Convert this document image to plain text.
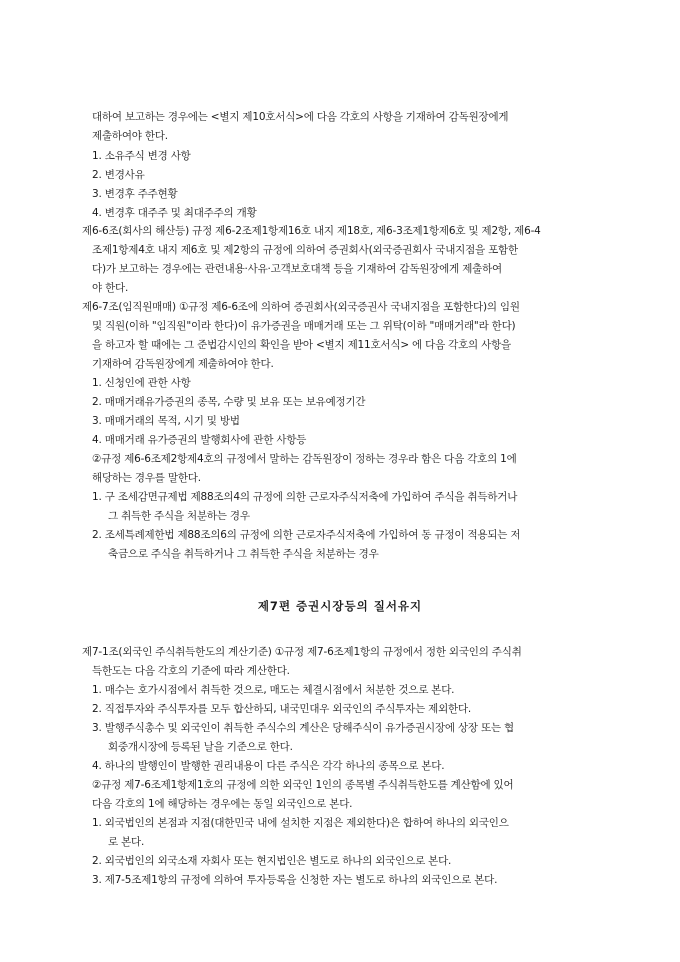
대하여 보고하는 경우에는 <별지 제10호서식>에 다음 각호의 사항을 기재하여 감독원장에게
제출하여야 한다.
1. 소유주식 변경 사항
2. 변경사유
3. 변경후 주주현황
4. 변경후 대주주 및 최대주주의 개황
제6-6조(회사의 해산등) 규정 제6-2조제1항제16호 내지 제18호, 제6-3조제1항제6호 및 제2항, 제6-4
조제1항제4호 내지 제6호 및 제2항의 규정에 의하여 증권회사(외국증권회사 국내지점을 포함한
다)가 보고하는 경우에는 관련내용·사유·고객보호대책 등을 기재하여 감독원장에게 제출하여
야 한다.
제6-7조(임직원매매) ①규정 제6-6조에 의하여 증권회사(외국증권사 국내지점을 포함한다)의 임원
및 직원(이하 "임직원"이라 한다)이 유가증권을 매매거래 또는 그 위탁(이하 "매매거래"라 한다)
을 하고자 할 때에는 그 준법감시인의 확인을 받아 <별지 제11호서식> 에 다음 각호의 사항을
기재하여 감독원장에게 제출하여야 한다.
1. 신청인에 관한 사항
2. 매매거래유가증권의 종목, 수량 및 보유 또는 보유예정기간
3. 매매거래의 목적, 시기 및 방법
4. 매매거래 유가증권의 발행회사에 관한 사항등
②규정 제6-6조제2항제4호의 규정에서 말하는 감독원장이 정하는 경우라 함은 다음 각호의 1에
해당하는 경우를 말한다.
1. 구 조세감면규제법 제88조의4의 규정에 의한 근로자주식저축에 가입하여 주식을 취득하거나
그 취득한 주식을 처분하는 경우
2. 조세특례제한법 제88조의6의 규정에 의한 근로자주식저축에 가입하여 동 규정이 적용되는 저
축금으로 주식을 취득하거나 그 취득한 주식을 처분하는 경우
제7편 증권시장등의 질서유지
제7-1조(외국인 주식취득한도의 계산기준) ①규정 제7-6조제1항의 규정에서 정한 외국인의 주식취
득한도는 다음 각호의 기준에 따라 계산한다.
1. 매수는 호가시점에서 취득한 것으로, 매도는 체결시점에서 처분한 것으로 본다.
2. 직접투자와 주식투자를 모두 합산하되, 내국민대우 외국인의 주식투자는 제외한다.
3. 발행주식총수 및 외국인이 취득한 주식수의 계산은 당해주식이 유가증권시장에 상장 또는 협
회중개시장에 등록된 날을 기준으로 한다.
4. 하나의 발행인이 발행한 권리내용이 다른 주식은 각각 하나의 종목으로 본다.
②규정 제7-6조제1항제1호의 규정에 의한 외국인 1인의 종목별 주식취득한도를 계산함에 있어
다음 각호의 1에 해당하는 경우에는 동일 외국인으로 본다.
1. 외국법인의 본점과 지점(대한민국 내에 설치한 지점은 제외한다)은 합하여 하나의 외국인으
로 본다.
2. 외국법인의 외국소재 자회사 또는 현지법인은 별도로 하나의 외국인으로 본다.
3. 제7-5조제1항의 규정에 의하여 투자등록을 신청한 자는 별도로 하나의 외국인으로 본다.
